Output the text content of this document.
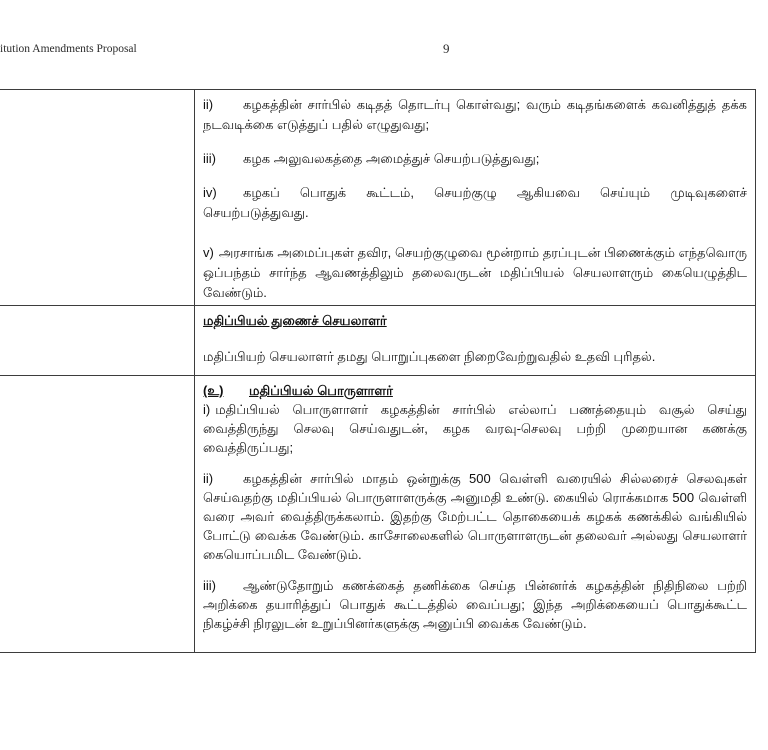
itution Amendments Proposal	9

	ii) கழகத்தின் சார்பில் கடிதத் தொடர்பு கொள்வது; வரும் கடிதங்களைக் கவனித்துத் தக்க நடவடிக்கை எடுத்துப் பதில் எழுதுவது;

iii) கழக அலுவலகத்தை அமைத்துச் செயற்படுத்துவது;

iv) கழகப் பொதுக் கூட்டம், செயற்குழு ஆகியவை செய்யும் முடிவுகளைச் செயற்படுத்துவது.

v) அரசாங்க அமைப்புகள் தவிர, செயற்குழுவை மூன்றாம் தரப்புடன் பிணைக்கும் எந்தவொரு ஒப்பந்தம் சார்ந்த ஆவணத்திலும் தலைவருடன் மதிப்பியல் செயலாளரும் கையெழுத்திட வேண்டும்.

	மதிப்பியல் துணைச் செயலாளர்

மதிப்பியற் செயலாளர் தமது பொறுப்புகளை நிறைவேற்றுவதில் உதவி புரிதல்.

	(உ) மதிப்பியல் பொருளாளர்

i) மதிப்பியல் பொருளாளர் கழகத்தின் சார்பில் எல்லாப் பணத்தையும் வசூல் செய்து வைத்திருந்து செலவு செய்வதுடன், கழக வரவு-செலவு பற்றி முறையான கணக்கு வைத்திருப்பது;

ii) கழகத்தின் சார்பில் மாதம் ஒன்றுக்கு 500 வெள்ளி வரையில் சில்லரைச் செலவுகள் செய்வதற்கு மதிப்பியல் பொருளாளருக்கு அனுமதி உண்டு. கையில் ரொக்கமாக 500 வெள்ளி வரை அவர் வைத்திருக்கலாம். இதற்கு மேற்பட்ட தொகையைக் கழகக் கணக்கில் வங்கியில் போட்டு வைக்க வேண்டும். காசோலைகளில் பொருளாளருடன் தலைவர் அல்லது செயலாளர் கையொப்பமிட வேண்டும்.

iii) ஆண்டுதோறும் கணக்கைத் தணிக்கை செய்த பின்னர்க் கழகத்தின் நிதிநிலை பற்றி அறிக்கை தயாரித்துப் பொதுக் கூட்டத்தில் வைப்பது; இந்த அறிக்கையைப் பொதுக்கூட்ட நிகழ்ச்சி நிரலுடன் உறுப்பினர்களுக்கு அனுப்பி வைக்க வேண்டும்.
